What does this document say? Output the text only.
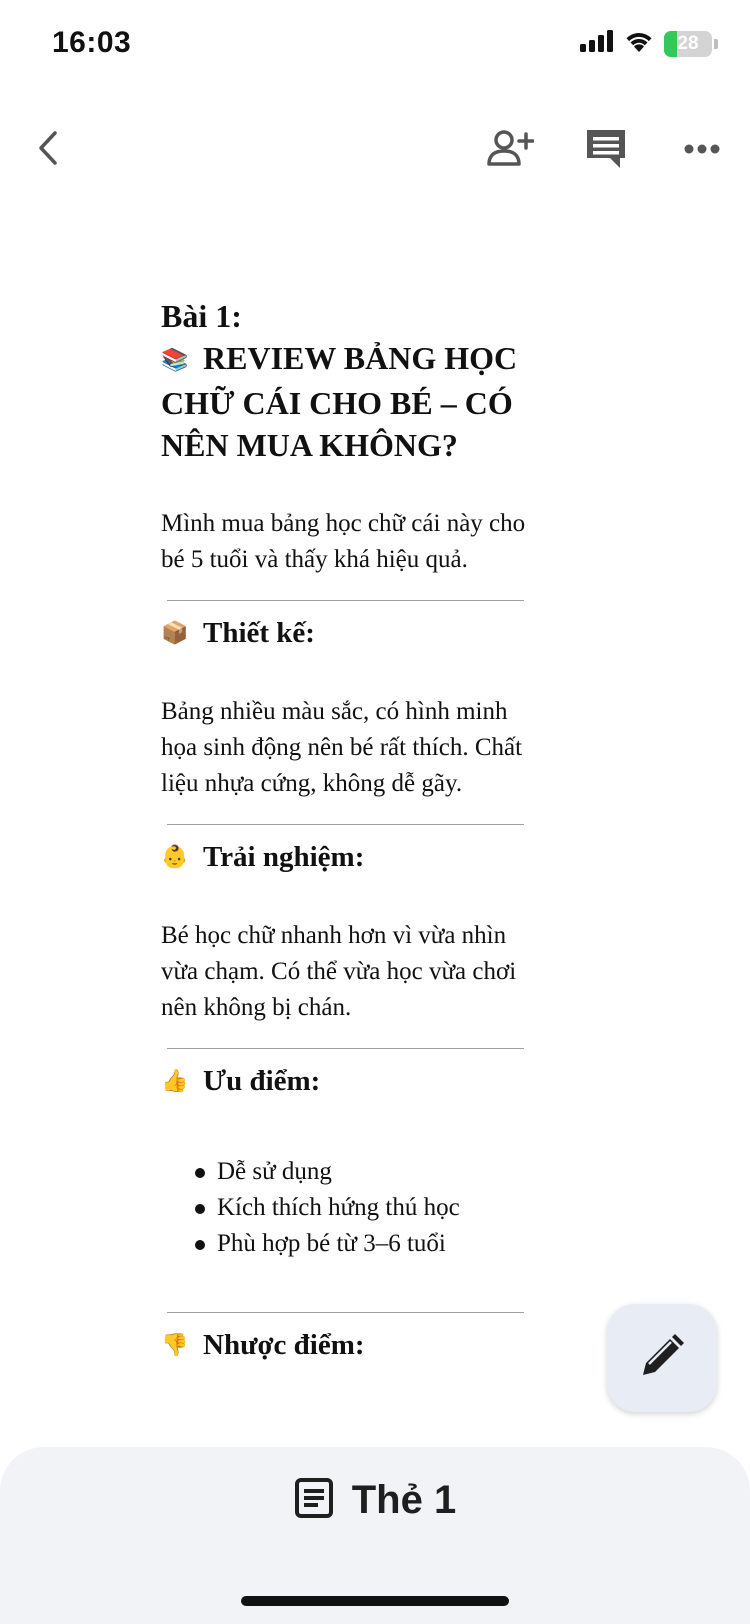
16:03	28
Bài 1:
📚 REVIEW BẢNG HỌC CHỮ CÁI CHO BÉ – CÓ NÊN MUA KHÔNG?

Mình mua bảng học chữ cái này cho bé 5 tuổi và thấy khá hiệu quả.

📦 Thiết kế:

Bảng nhiều màu sắc, có hình minh họa sinh động nên bé rất thích. Chất liệu nhựa cứng, không dễ gãy.

👶 Trải nghiệm:

Bé học chữ nhanh hơn vì vừa nhìn vừa chạm. Có thể vừa học vừa chơi nên không bị chán.

👍 Ưu điểm:
Dễ sử dụng
Kích thích hứng thú học
Phù hợp bé từ 3–6 tuổi
👎 Nhược điểm:
Thẻ 1
